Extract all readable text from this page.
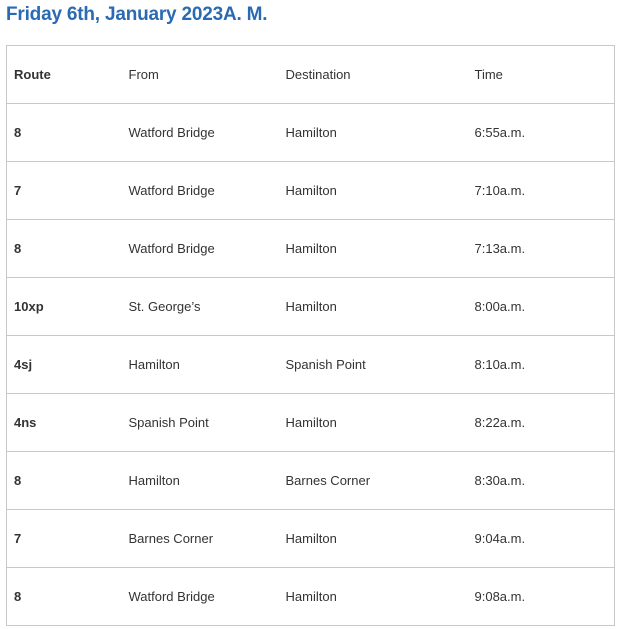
Friday 6th, January 2023A. M.
Route	From	Destination	Time
8	Watford Bridge	Hamilton	6:55a.m.
7	Watford Bridge	Hamilton	7:10a.m.
8	Watford Bridge	Hamilton	7:13a.m.
10xp	St. George’s	Hamilton	8:00a.m.
4sj	Hamilton	Spanish Point	8:10a.m.
4ns	Spanish Point	Hamilton	8:22a.m.
8	Hamilton	Barnes Corner	8:30a.m.
7	Barnes Corner	Hamilton	9:04a.m.
8	Watford Bridge	Hamilton	9:08a.m.
